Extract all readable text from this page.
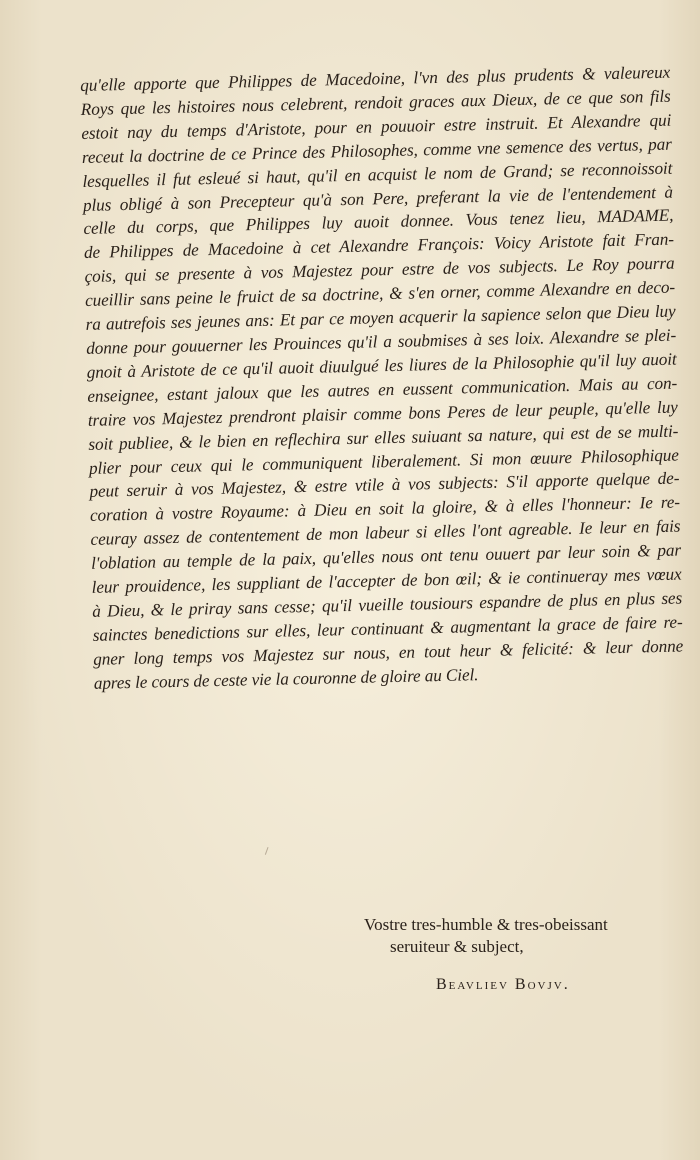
qu'elle apporte que Philippes de Macedoine, l'vn des plus prudents & valeureux
Roys que les histoires nous celebrent, rendoit graces aux Dieux, de ce que son fils
estoit nay du temps d'Aristote, pour en pouuoir estre instruit. Et Alexandre qui
receut la doctrine de ce Prince des Philosophes, comme vne semence des vertus, par
lesquelles il fut esleué si haut, qu'il en acquist le nom de Grand; se reconnoissoit
plus obligé à son Precepteur qu'à son Pere, preferant la vie de l'entendement à
celle du corps, que Philippes luy auoit donnee. Vous tenez lieu, MADAME,
de Philippes de Macedoine à cet Alexandre François: Voicy Aristote fait Fran-
çois, qui se presente à vos Majestez pour estre de vos subjects. Le Roy pourra
cueillir sans peine le fruict de sa doctrine, & s'en orner, comme Alexandre en deco-
ra autrefois ses jeunes ans: Et par ce moyen acquerir la sapience selon que Dieu luy
donne pour gouuerner les Prouinces qu'il a soubmises à ses loix. Alexandre se plei-
gnoit à Aristote de ce qu'il auoit diuulgué les liures de la Philosophie qu'il luy auoit
enseignee, estant jaloux que les autres en eussent communication. Mais au con-
traire vos Majestez prendront plaisir comme bons Peres de leur peuple, qu'elle luy
soit publiee, & le bien en reflechira sur elles suiuant sa nature, qui est de se multi-
plier pour ceux qui le communiquent liberalement. Si mon œuure Philosophique
peut seruir à vos Majestez, & estre vtile à vos subjects: S'il apporte quelque de-
coration à vostre Royaume: à Dieu en soit la gloire, & à elles l'honneur: Ie re-
ceuray assez de contentement de mon labeur si elles l'ont agreable. Ie leur en fais
l'oblation au temple de la paix, qu'elles nous ont tenu ouuert par leur soin & par
leur prouidence, les suppliant de l'accepter de bon œil; & ie continueray mes vœux
à Dieu, & le priray sans cesse; qu'il vueille tousiours espandre de plus en plus ses
sainctes benedictions sur elles, leur continuant & augmentant la grace de faire re-
gner long temps vos Majestez sur nous, en tout heur & felicité: & leur donne
apres le cours de ceste vie la couronne de gloire au Ciel.
Vostre tres-humble & tres-obeissant
seruiteur & subject,
Beavliev Bovjv.
